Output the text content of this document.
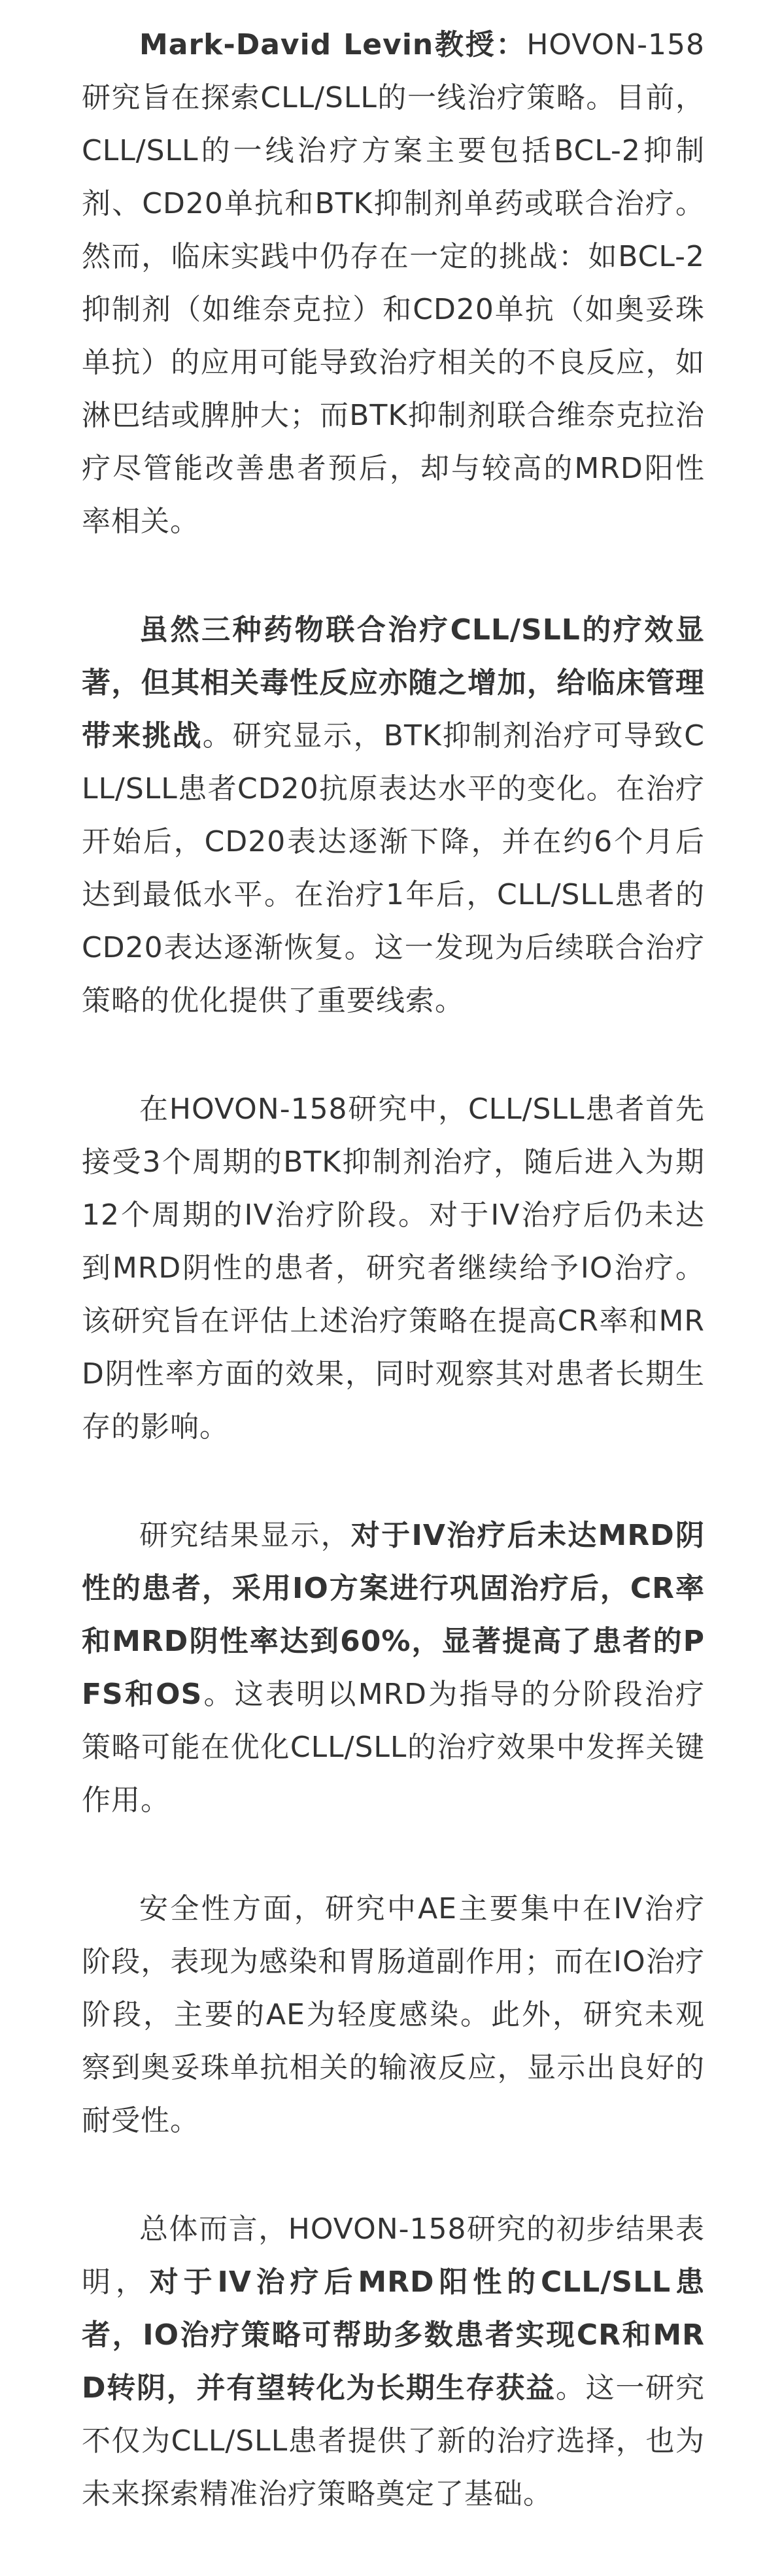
Mark-David Levin教授：HOVON-158研究旨在探索CLL/SLL的一线治疗策略。目前，CLL/SLL的一线治疗方案主要包括BCL-2抑制剂、CD20单抗和BTK抑制剂单药或联合治疗。然而，临床实践中仍存在一定的挑战：如BCL-2抑制剂（如维奈克拉）和CD20单抗（如奥妥珠单抗）的应用可能导致治疗相关的不良反应，如淋巴结或脾肿大；而BTK抑制剂联合维奈克拉治疗尽管能改善患者预后，却与较高的MRD阳性率相关。

虽然三种药物联合治疗CLL/SLL的疗效显著，但其相关毒性反应亦随之增加，给临床管理带来挑战。研究显示，BTK抑制剂治疗可导致CLL/SLL患者CD20抗原表达水平的变化。在治疗开始后，CD20表达逐渐下降，并在约6个月后达到最低水平。在治疗1年后，CLL/SLL患者的CD20表达逐渐恢复。这一发现为后续联合治疗策略的优化提供了重要线索。

在HOVON-158研究中，CLL/SLL患者首先接受3个周期的BTK抑制剂治疗，随后进入为期12个周期的IV治疗阶段。对于IV治疗后仍未达到MRD阴性的患者，研究者继续给予IO治疗。该研究旨在评估上述治疗策略在提高CR率和MRD阴性率方面的效果，同时观察其对患者长期生存的影响。

研究结果显示，对于IV治疗后未达MRD阴性的患者，采用IO方案进行巩固治疗后，CR率和MRD阴性率达到60%，显著提高了患者的PFS和OS。这表明以MRD为指导的分阶段治疗策略可能在优化CLL/SLL的治疗效果中发挥关键作用。

安全性方面，研究中AE主要集中在IV治疗阶段，表现为感染和胃肠道副作用；而在IO治疗阶段，主要的AE为轻度感染。此外，研究未观察到奥妥珠单抗相关的输液反应，显示出良好的耐受性。

总体而言，HOVON-158研究的初步结果表明，对于IV治疗后MRD阳性的CLL/SLL患者，IO治疗策略可帮助多数患者实现CR和MRD转阴，并有望转化为长期生存获益。这一研究不仅为CLL/SLL患者提供了新的治疗选择，也为未来探索精准治疗策略奠定了基础。
